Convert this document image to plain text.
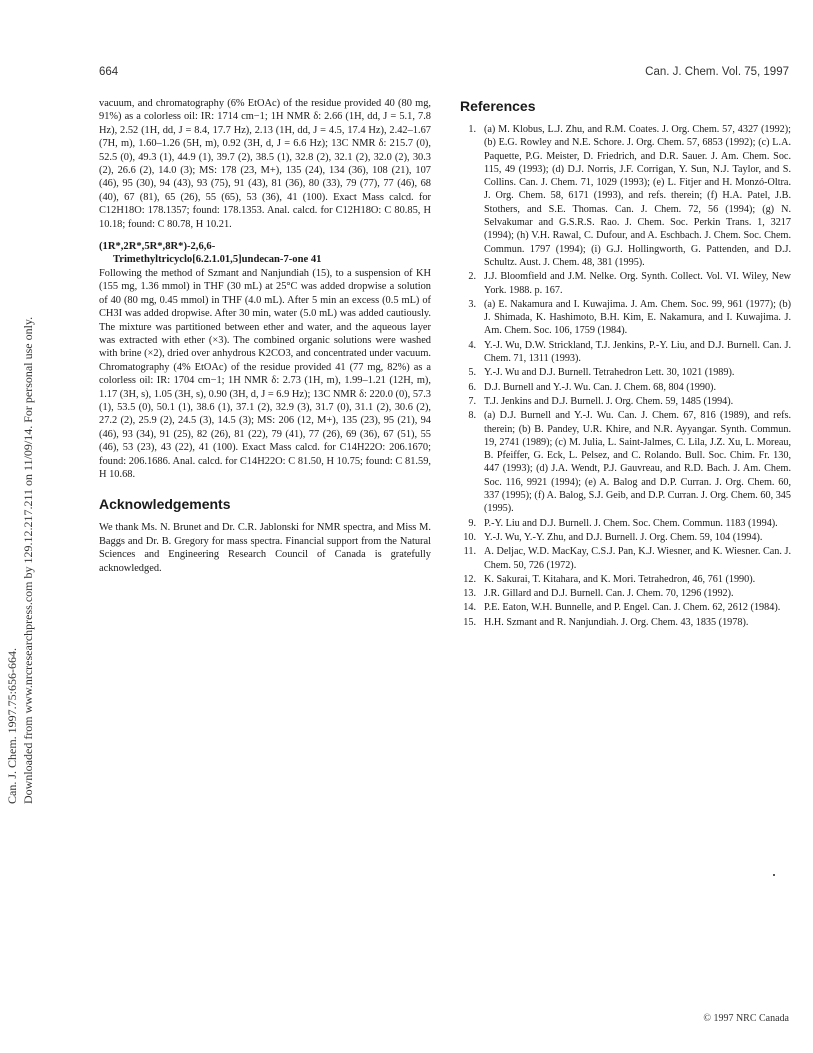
664	Can. J. Chem. Vol. 75, 1997
Can. J. Chem. 1997.75:656-664. Downloaded from www.nrcresearchpress.com by 129.12.217.211 on 11/09/14. For personal use only.

vacuum, and chromatography (6% EtOAc) of the residue provided 40 (80 mg, 91%) as a colorless oil: IR: 1714 cm−1; 1H NMR δ: 2.66 (1H, dd, J = 5.1, 7.8 Hz), 2.52 (1H, dd, J = 8.4, 17.7 Hz), 2.13 (1H, dd, J = 4.5, 17.4 Hz), 2.42–1.67 (7H, m), 1.60–1.26 (5H, m), 0.92 (3H, d, J = 6.6 Hz); 13C NMR δ: 215.7 (0), 52.5 (0), 49.3 (1), 44.9 (1), 39.7 (2), 38.5 (1), 32.8 (2), 32.1 (2), 32.0 (2), 30.3 (2), 26.6 (2), 14.0 (3); MS: 178 (23, M+), 135 (24), 134 (36), 108 (21), 107 (46), 95 (30), 94 (43), 93 (75), 91 (43), 81 (36), 80 (33), 79 (77), 77 (46), 68 (40), 67 (81), 65 (26), 55 (65), 53 (36), 41 (100). Exact Mass calcd. for C12H18O: 178.1357; found: 178.1353. Anal. calcd. for C12H18O: C 80.85, H 10.18; found: C 80.78, H 10.21.

(1R*,2R*,5R*,8R*)-2,6,6-
Trimethyltricyclo[6.2.1.01,5]undecan-7-one 41

Following the method of Szmant and Nanjundiah (15), to a suspension of KH (155 mg, 1.36 mmol) in THF (30 mL) at 25°C was added dropwise a solution of 40 (80 mg, 0.45 mmol) in THF (4.0 mL). After 5 min an excess (0.5 mL) of CH3I was added dropwise. After 30 min, water (5.0 mL) was added cautiously. The mixture was partitioned between ether and water, and the aqueous layer was extracted with ether (×3). The combined organic solutions were washed with brine (×2), dried over anhydrous K2CO3, and concentrated under vacuum. Chromatography (4% EtOAc) of the residue provided 41 (77 mg, 82%) as a colorless oil: IR: 1704 cm−1; 1H NMR δ: 2.73 (1H, m), 1.99–1.21 (12H, m), 1.17 (3H, s), 1.05 (3H, s), 0.90 (3H, d, J = 6.9 Hz); 13C NMR δ: 220.0 (0), 57.3 (1), 53.5 (0), 50.1 (1), 38.6 (1), 37.1 (2), 32.9 (3), 31.7 (0), 31.1 (2), 30.6 (2), 27.2 (2), 25.9 (2), 24.5 (3), 14.5 (3); MS: 206 (12, M+), 135 (23), 95 (21), 94 (46), 93 (34), 91 (25), 82 (26), 81 (22), 79 (41), 77 (26), 69 (36), 67 (51), 55 (46), 53 (23), 43 (22), 41 (100). Exact Mass calcd. for C14H22O: 206.1670; found: 206.1686. Anal. calcd. for C14H22O: C 81.50, H 10.75; found: C 81.59, H 10.68.

Acknowledgements

We thank Ms. N. Brunet and Dr. C.R. Jablonski for NMR spectra, and Miss M. Baggs and Dr. B. Gregory for mass spectra. Financial support from the Natural Sciences and Engineering Research Council of Canada is gratefully acknowledged.

References
1. (a) M. Klobus, L.J. Zhu, and R.M. Coates. J. Org. Chem. 57, 4327 (1992); (b) E.G. Rowley and N.E. Schore. J. Org. Chem. 57, 6853 (1992); (c) L.A. Paquette, P.G. Meister, D. Friedrich, and D.R. Sauer. J. Am. Chem. Soc. 115, 49 (1993); (d) D.J. Norris, J.F. Corrigan, Y. Sun, N.J. Taylor, and S. Collins. Can. J. Chem. 71, 1029 (1993); (e) L. Fitjer and H. Monzó-Oltra. J. Org. Chem. 58, 6171 (1993), and refs. therein; (f) H.A. Patel, J.B. Stothers, and S.E. Thomas. Can. J. Chem. 72, 56 (1994); (g) N. Selvakumar and G.S.R.S. Rao. J. Chem. Soc. Perkin Trans. 1, 3217 (1994); (h) V.H. Rawal, C. Dufour, and A. Eschbach. J. Chem. Soc. Chem. Commun. 1797 (1994); (i) G.J. Hollingworth, G. Pattenden, and D.J. Schultz. Aust. J. Chem. 48, 381 (1995).
2. J.J. Bloomfield and J.M. Nelke. Org. Synth. Collect. Vol. VI. Wiley, New York. 1988. p. 167.
3. (a) E. Nakamura and I. Kuwajima. J. Am. Chem. Soc. 99, 961 (1977); (b) J. Shimada, K. Hashimoto, B.H. Kim, E. Nakamura, and I. Kuwajima. J. Am. Chem. Soc. 106, 1759 (1984).
4. Y.-J. Wu, D.W. Strickland, T.J. Jenkins, P.-Y. Liu, and D.J. Burnell. Can. J. Chem. 71, 1311 (1993).
5. Y.-J. Wu and D.J. Burnell. Tetrahedron Lett. 30, 1021 (1989).
6. D.J. Burnell and Y.-J. Wu. Can. J. Chem. 68, 804 (1990).
7. T.J. Jenkins and D.J. Burnell. J. Org. Chem. 59, 1485 (1994).
8. (a) D.J. Burnell and Y.-J. Wu. Can. J. Chem. 67, 816 (1989), and refs. therein; (b) B. Pandey, U.R. Khire, and N.R. Ayyangar. Synth. Commun. 19, 2741 (1989); (c) M. Julia, L. Saint-Jalmes, C. Lila, J.Z. Xu, L. Moreau, B. Pfeiffer, G. Eck, L. Pelsez, and C. Rolando. Bull. Soc. Chim. Fr. 130, 447 (1993); (d) J.A. Wendt, P.J. Gauvreau, and R.D. Bach. J. Am. Chem. Soc. 116, 9921 (1994); (e) A. Balog and D.P. Curran. J. Org. Chem. 60, 337 (1995); (f) A. Balog, S.J. Geib, and D.P. Curran. J. Org. Chem. 60, 345 (1995).
9. P.-Y. Liu and D.J. Burnell. J. Chem. Soc. Chem. Commun. 1183 (1994).
10. Y.-J. Wu, Y.-Y. Zhu, and D.J. Burnell. J. Org. Chem. 59, 104 (1994).
11. A. Deljac, W.D. MacKay, C.S.J. Pan, K.J. Wiesner, and K. Wiesner. Can. J. Chem. 50, 726 (1972).
12. K. Sakurai, T. Kitahara, and K. Mori. Tetrahedron, 46, 761 (1990).
13. J.R. Gillard and D.J. Burnell. Can. J. Chem. 70, 1296 (1992).
14. P.E. Eaton, W.H. Bunnelle, and P. Engel. Can. J. Chem. 62, 2612 (1984).
15. H.H. Szmant and R. Nanjundiah. J. Org. Chem. 43, 1835 (1978).
© 1997 NRC Canada
